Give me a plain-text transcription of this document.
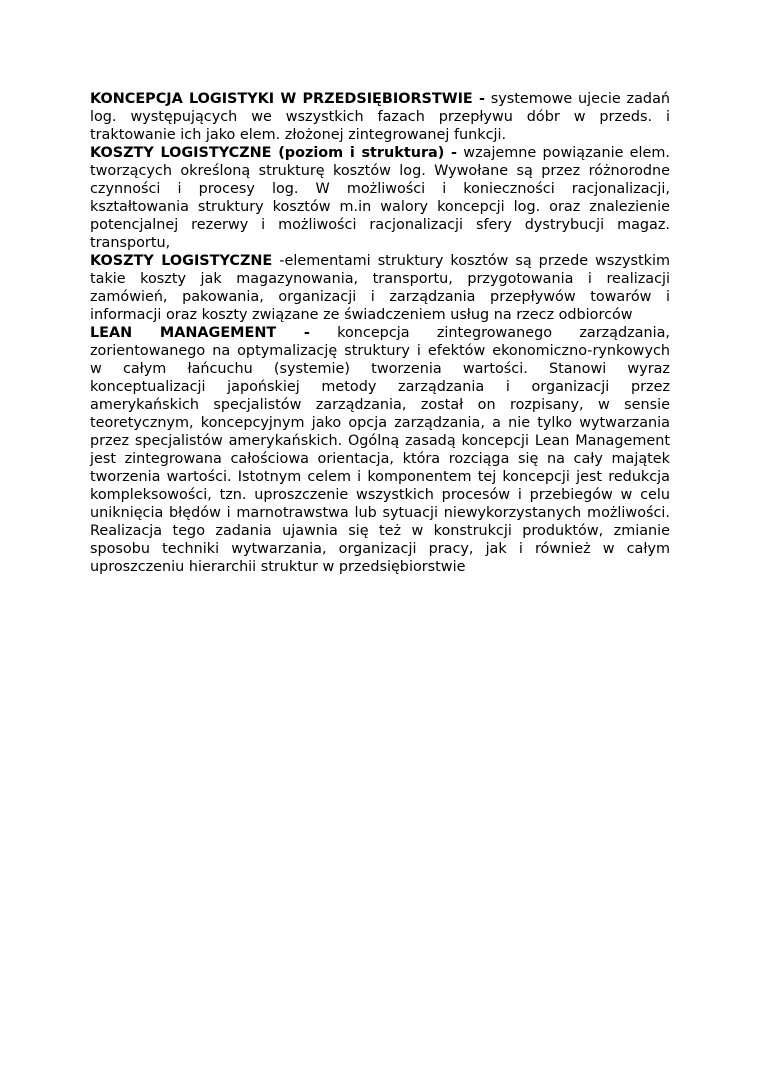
KONCEPCJA LOGISTYKI W PRZEDSIĘBIORSTWIE - systemowe ujecie zadań log. występujących we wszystkich fazach przepływu dóbr w przeds. i traktowanie ich jako elem. złożonej zintegrowanej funkcji.

KOSZTY LOGISTYCZNE (poziom i struktura) - wzajemne powiązanie elem. tworzących określoną strukturę kosztów log. Wywołane są przez różnorodne czynności i procesy log. W możliwości i konieczności racjonalizacji, kształtowania struktury kosztów m.in walory koncepcji log. oraz znalezienie potencjalnej rezerwy i możliwości racjonalizacji sfery dystrybucji magaz. transportu,

KOSZTY LOGISTYCZNE -elementami struktury kosztów są przede wszystkim takie koszty jak magazynowania, transportu, przygotowania i realizacji zamówień, pakowania, organizacji i zarządzania przepływów towarów i informacji oraz koszty związane ze świadczeniem usług na rzecz odbiorców

LEAN MANAGEMENT - koncepcja zintegrowanego zarządzania, zorientowanego na optymalizację struktury i efektów ekonomiczno-rynkowych w całym łańcuchu (systemie) tworzenia wartości. Stanowi wyraz konceptualizacji japońskiej metody zarządzania i organizacji przez amerykańskich specjalistów zarządzania, został on rozpisany, w sensie teoretycznym, koncepcyjnym jako opcja zarządzania, a nie tylko wytwarzania przez specjalistów amerykańskich. Ogólną zasadą koncepcji Lean Management jest zintegrowana całościowa orientacja, która rozciąga się na cały majątek tworzenia wartości. Istotnym celem i komponentem tej koncepcji jest redukcja kompleksowości, tzn. uproszczenie wszystkich procesów i przebiegów w celu uniknięcia błędów i marnotrawstwa lub sytuacji niewykorzystanych możliwości. Realizacja tego zadania ujawnia się też w konstrukcji produktów, zmianie sposobu techniki wytwarzania, organizacji pracy, jak i również w całym uproszczeniu hierarchii struktur w przedsiębiorstwie
